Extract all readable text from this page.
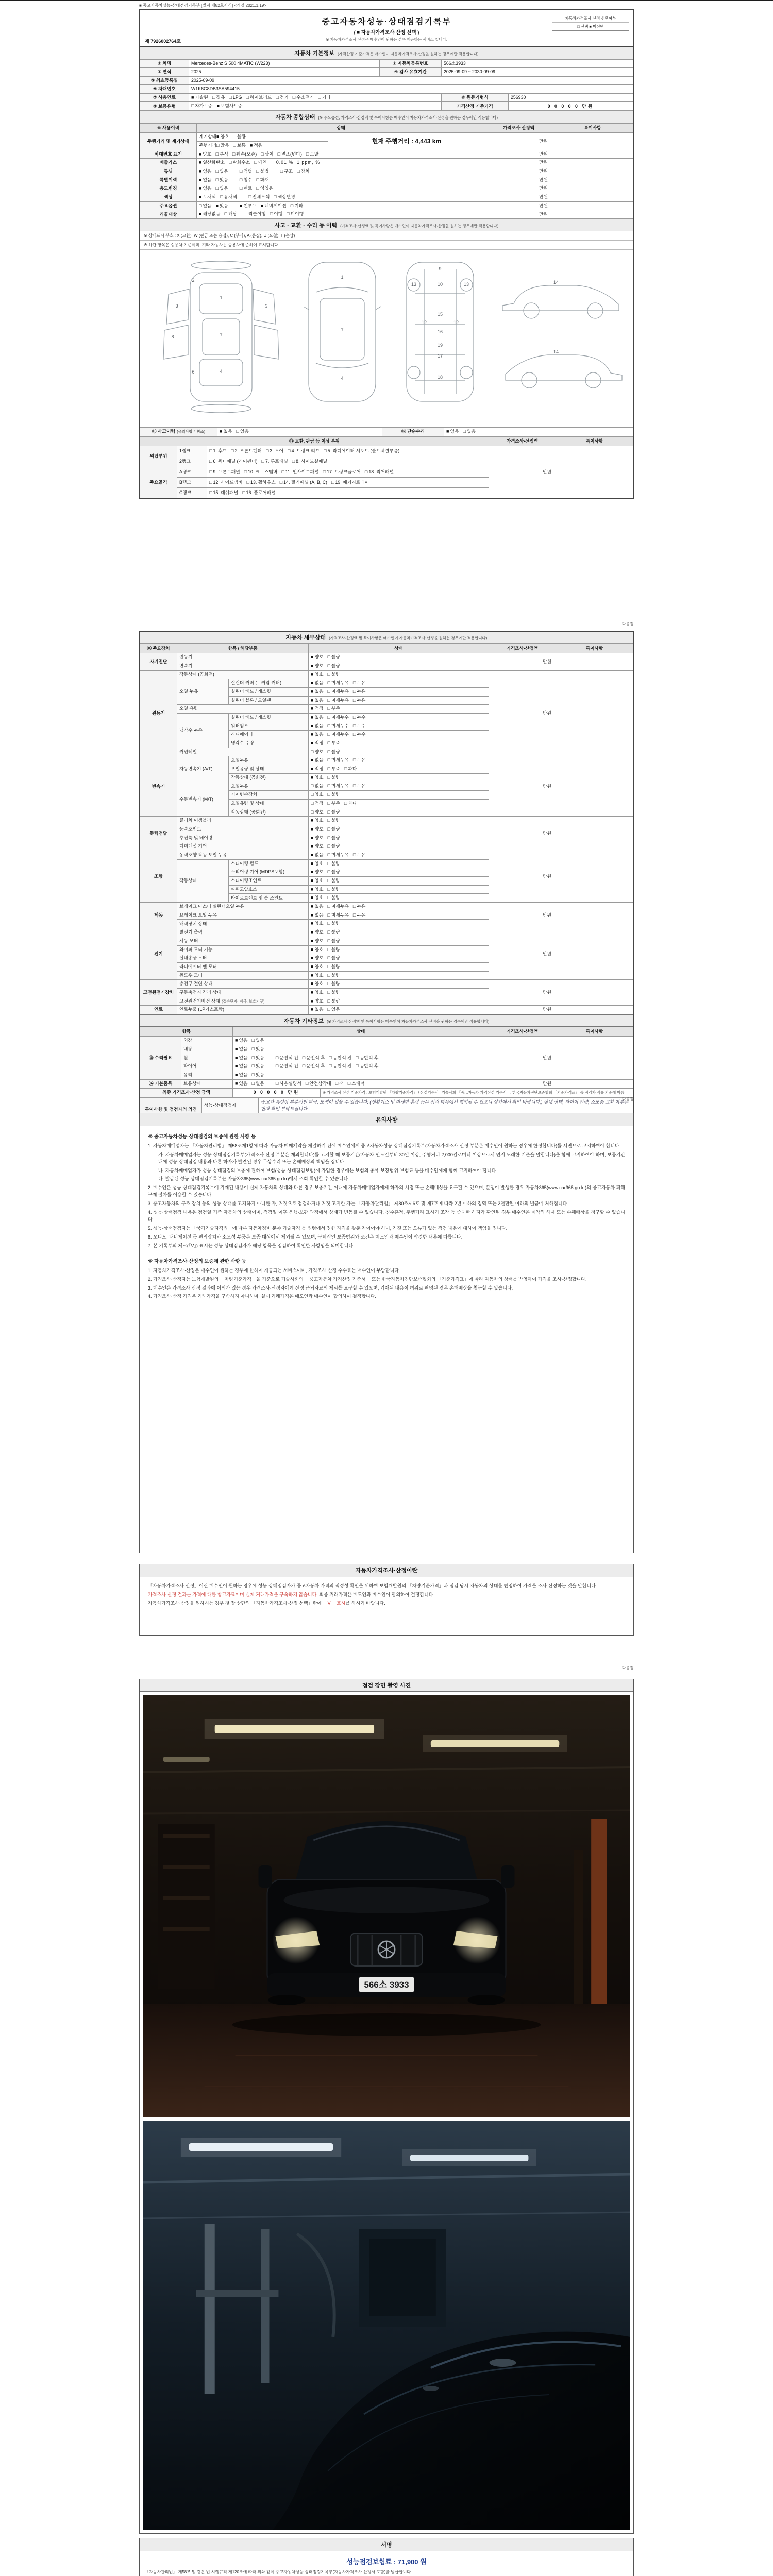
■ 중고자동차성능·상태점검기록부 [별지 제82호서식] <개정 2021.1.19>
중고자동차성능·상태점검기록부
( ■ 자동차가격조사·산정 선택 )
※ 자동차가격조사·산정은 매수인이 원하는 경우 제공하는 서비스 입니다.
제 7926002764호
자동차가격조사·산정 선택여부
□ 선택 ■ 미선택
자동차 기본정보 (가격산정 기준가격은 매수인이 자동차가격조사·산정을 원하는 경우에만 적용합니다)
① 차명	Mercedes-Benz S 500 4MATIC (W223)	② 자동차등록번호	566소3933	
③ 연식	2025	④ 검사 유효기간	2025-09-09 ~ 2030-09-09	
⑤ 최초등록일	2025-09-09			
⑥ 차대번호	W1K6G8DB3SA594415			
⑦ 사용연료	■ 가솔린 □ 경유 □ LPG □ 하이브리드 □ 전기 □ 수소전기 □ 기타		⑧ 원동기형식	256930
⑨ 보증유형	□ 자가보증 ■ 보험사보증		가격산정 기준가격	0 0 0 0 0 만원
자동차 종합상태 (※ 주요옵션, 가격조사·산정액 및 특이사항은 매수인이 자동차가격조사·산정을 원하는 경우에만 적용합니다)
⑩ 사용이력	상태		가격조사·산정액	특이사항
주행거리 및 계기상태	계기상태■ 양호 □ 불량	현재 주행거리 : 4,443 km	만원	
	주행거리□ 많음 □ 보통 ■ 적음			
차대번호 표기	■ 양호 □ 부식 □ 훼손(오손) □ 상이 □ 변조(변타) □ 도말		만원	
배출가스	■ 일산화탄소 □ 탄화수소 □ 매연 0.01 %, 1 ppm, %		만원	
튜닝	■ 없음 □ 있음 □ 적법 □ 불법 □ 구조 □ 장치		만원	
특별이력	■ 없음 □ 있음 □ 침수 □ 화재		만원	
용도변경	■ 없음 □ 있음 □ 렌트 □ 영업용		만원	
색상	■ 무채색 □ 유채색 □ 전체도색 □ 색상변경		만원	
주요옵션	□ 없음 ■ 있음 ■ 썬루프 ■ 네비게이션 □ 기타		만원	
리콜대상	■ 해당없음 □ 해당 리콜이행 □ 이행 □ 미이행		만원	
사고 · 교환 · 수리 등 이력 (가격조사·산정액 및 특이사항은 매수인이 자동차가격조사·산정을 원하는 경우에만 적용합니다)
※ 상태표시 부호 : X (교환), W (판금 또는 용접), C (부식), A (흠집), U (요철), T (손상)
※ 하단 항목은 승용차 기준이며, 기타 자동차는 승용차에 준하여 표시합니다.
1
7
4
3	3
2
6
8
7
1
4
9
10
12	12
13	13
15
16
17
18
19
14
14
⑪ 사고이력 (유의사항 4 참조)	■ 없음 □ 있음	⑫ 단순수리	■ 없음 □ 있음
⑬ 교환, 판금 등 이상 부위			가격조사·산정액	특이사항
외판부위	1랭크	□ 1. 후드 □ 2. 프론트펜더 □ 3. 도어 □ 4. 트렁크 리드 □ 5. 라디에이터 서포트 (볼트체결부품)	만원	
	2랭크	□ 6. 쿼터패널 (리어펜더) □ 7. 루프패널 □ 8. 사이드실패널		
주요골격	A랭크	□ 9. 프론트패널 □ 10. 크로스멤버 □ 11. 인사이드패널 □ 17. 트렁크플로어 □ 18. 리어패널		
	B랭크	□ 12. 사이드멤버 □ 13. 휠하우스 □ 14. 필러패널 (A, B, C) □ 19. 패키지트레이		
	C랭크	□ 15. 대쉬패널 □ 16. 플로어패널		
다음장
자동차 세부상태 (가격조사·산정액 및 특이사항은 매수인이 자동차가격조사·산정을 원하는 경우에만 적용합니다)
⑭ 주요장치	항목 / 해당부품		상태	가격조사·산정액	특이사항
자기진단	원동기		■ 양호 □ 불량	만원	
	변속기		■ 양호 □ 불량		
원동기	작동상태 (공회전)		■ 양호 □ 불량	만원	
	오일 누유	실린더 커버 (로커암 커버)	■ 없음 □ 미세누유 □ 누유		
		실린더 헤드 / 개스킷	■ 없음 □ 미세누유 □ 누유		
		실린더 블록 / 오일팬	■ 없음 □ 미세누유 □ 누유		
	오일 유량		■ 적정 □ 부족		
	냉각수 누수	실린더 헤드 / 개스킷	■ 없음 □ 미세누수 □ 누수		
		워터펌프	■ 없음 □ 미세누수 □ 누수		
		라디에이터	■ 없음 □ 미세누수 □ 누수		
		냉각수 수량	■ 적정 □ 부족		
	커먼레일		□ 양호 □ 불량		
변속기	자동변속기 (A/T)	오일누유	■ 없음 □ 미세누유 □ 누유	만원	
		오일유량 및 상태	■ 적정 □ 부족 □ 과다		
		작동상태 (공회전)	■ 양호 □ 불량		
	수동변속기 (M/T)	오일누유	□ 없음 □ 미세누유 □ 누유		
		기어변속장치	□ 양호 □ 불량		
		오일유량 및 상태	□ 적정 □ 부족 □ 과다		
		작동상태 (공회전)	□ 양호 □ 불량		
동력전달	클러치 어셈블리		■ 양호 □ 불량	만원	
	등속조인트		■ 양호 □ 불량		
	추진축 및 베어링		■ 양호 □ 불량		
	디퍼렌셜 기어		■ 양호 □ 불량		
조향	동력조향 작동 오일 누유		■ 없음 □ 미세누유 □ 누유	만원	
	작동상태	스티어링 펌프	■ 양호 □ 불량		
		스티어링 기어 (MDPS포함)	■ 양호 □ 불량		
		스티어링조인트	■ 양호 □ 불량		
		파워고압호스	■ 양호 □ 불량		
		타이로드엔드 및 볼 조인트	■ 양호 □ 불량		
제동	브레이크 마스터 실린더오일 누유		■ 없음 □ 미세누유 □ 누유	만원	
	브레이크 오일 누유		■ 없음 □ 미세누유 □ 누유		
	배력장치 상태		■ 양호 □ 불량		
전기	발전기 출력		■ 양호 □ 불량	만원	
	시동 모터		■ 양호 □ 불량		
	와이퍼 모터 기능		■ 양호 □ 불량		
	실내송풍 모터		■ 양호 □ 불량		
	라디에이터 팬 모터		■ 양호 □ 불량		
	윈도우 모터		■ 양호 □ 불량		
고전원전기장치	충전구 절연 상태		■ 양호 □ 불량	만원	
	구동축전지 격리 상태		■ 양호 □ 불량		
	고전원전기배선 상태 (접속단자, 피복, 보호기구)		■ 양호 □ 불량		
연료	연료누출 (LP가스포함)		■ 없음 □ 있음	만원	
자동차 기타정보 (※ 가격조사·산정액 및 특이사항은 매수인이 자동차가격조사·산정을 원하는 경우에만 적용합니다)
항목		상태	가격조사·산정액	특이사항
⑮ 수리필요	외장	■ 없음 □ 있음	만원	
	내장	■ 없음 □ 있음		
	휠	■ 없음 □ 있음 □ 운전석 전 □ 운전석 후 □ 동반석 전 □ 동반석 후		
	타이어	■ 없음 □ 있음 □ 운전석 전 □ 운전석 후 □ 동반석 전 □ 동반석 후		
	유리	■ 없음 □ 있음		
⑯ 기본품목	보유상태	■ 있음 □ 없음 □ 사용설명서 □ 안전삼각대 □ 잭 □ 스패너	만원	
최종 가격조사·산정 금액	0 0 0 0 0 만원	※ 가격조사·산정 기준가격 : 보험개발원 「차량기준가격」 / 산정기준서 : 기술사회 「중고자동차 가격산정 기준서」, 한국자동차진단보증협회 「기준가격표」 중 점검자 적용 기준에 따름
특이사항 및 점검자의 의견	성능·상태점검자	중고차 특성상 부분적인 판금, 도색이 있을 수 있습니다. (생활기스 및 미세한 흠집 등은 점검 항목에서 제외될 수 있으니 실차에서 확인 바랍니다.) 실내 상태, 타이어 잔량, 소모품 교환 여부는 현차 확인 부탁드립니다.

다음장
유의사항
※ 중고자동차성능·상태점검의 보증에 관한 사항 등
1. 자동차매매업자는 「자동차관리법」 제58조제1항에 따라 자동차 매매계약을 체결하기 전에 매수인에게 중고자동차성능·상태점검기록부(자동차가격조사·산정 부분은 매수인이 원하는 경우에 한정합니다)를 서면으로 고지하여야 합니다.
가. 자동차매매업자는 성능·상태점검기록부(가격조사·산정 부분은 제외합니다)를 고지할 때 보증기간(자동차 인도일부터 30일 이상, 주행거리 2,000킬로미터 이상으로서 먼저 도래한 기준을 말합니다)을 함께 고지하여야 하며, 보증기간 내에 성능·상태점검 내용과 다른 하자가 발견된 경우 무상수리 또는 손해배상의 책임을 집니다.
나. 자동차매매업자가 성능·상태점검의 보증에 관하여 보험(성능·상태점검보험)에 가입한 경우에는 보험의 종류·보장범위·보험료 등을 매수인에게 함께 고지하여야 합니다.
다. 발급된 성능·상태점검기록부는 자동차365(www.car365.go.kr)에서 조회·확인할 수 있습니다.
2. 매수인은 성능·상태점검기록부에 기재된 내용이 실제 자동차의 상태와 다른 경우 보증기간 이내에 자동차매매업자에게 하자의 시정 또는 손해배상을 요구할 수 있으며, 분쟁이 발생한 경우 자동차365(www.car365.go.kr)의 중고자동차 피해구제 절차를 이용할 수 있습니다.
3. 중고자동차의 구조·장치 등의 성능·상태를 고지하지 아니한 자, 거짓으로 점검하거나 거짓 고지한 자는 「자동차관리법」 제80조제6호 및 제7호에 따라 2년 이하의 징역 또는 2천만원 이하의 벌금에 처해집니다.
4. 성능·상태점검 내용은 점검일 기준 자동차의 상태이며, 점검일 이후 운행·보관 과정에서 상태가 변동될 수 있습니다. 침수흔적, 주행거리 표시기 조작 등 중대한 하자가 확인된 경우 매수인은 계약의 해제 또는 손해배상을 청구할 수 있습니다.
5. 성능·상태점검자는 「국가기술자격법」에 따른 자동차정비 분야 기술자격 등 법령에서 정한 자격을 갖춘 자이어야 하며, 거짓 또는 오류가 있는 점검 내용에 대하여 책임을 집니다.
6. 오디오, 내비게이션 등 편의장치와 소모성 부품은 보증 대상에서 제외될 수 있으며, 구체적인 보증범위와 조건은 매도인과 매수인이 약정한 내용에 따릅니다.
7. 본 기록부의 체크(「V」) 표시는 성능·상태점검자가 해당 항목을 점검하여 확인한 사항임을 의미합니다.
※ 자동차가격조사·산정의 보증에 관한 사항 등
1. 자동차가격조사·산정은 매수인이 원하는 경우에 한하여 제공되는 서비스이며, 가격조사·산정 수수료는 매수인이 부담합니다.
2. 가격조사·산정자는 보험개발원의 「차량기준가격」을 기준으로 기술사회의 「중고자동차 가격산정 기준서」 또는 한국자동차진단보증협회의 「기준가격표」에 따라 자동차의 상태를 반영하여 가격을 조사·산정합니다.
3. 매수인은 가격조사·산정 결과에 이의가 있는 경우 가격조사·산정자에게 산정 근거자료의 제시를 요구할 수 있으며, 기재된 내용이 허위로 판명된 경우 손해배상을 청구할 수 있습니다.
4. 가격조사·산정 가격은 거래가격을 구속하지 아니하며, 실제 거래가격은 매도인과 매수인이 합의하여 결정합니다.
자동차가격조사·산정이란
「자동차가격조사·산정」이란 매수인이 원하는 경우에 성능·상태점검자가 중고자동차 가격의 적정성 확인을 위하여 보험개발원의 「차량기준가격」과 점검 당시 자동차의 상태를 반영하여 가격을 조사·산정하는 것을 말합니다.
가격조사·산정 결과는 가격에 대한 참고자료이며 실제 거래가격을 구속하지 않습니다. 최종 거래가격은 매도인과 매수인이 합의하여 결정합니다.
자동차가격조사·산정을 원하시는 경우 첫 장 상단의 「자동차가격조사·산정 선택」란에 「V」 표시를 하시기 바랍니다.
다음장
점검 장면 촬영 사진
566소 3933
서명
성능점검보험료 : 71,900 원
「자동차관리법」 제58조 및 같은 법 시행규칙 제120조에 따라 위와 같이 중고자동차성능·상태점검기록부(자동차가격조사·산정서 포함)를 발급합니다.
